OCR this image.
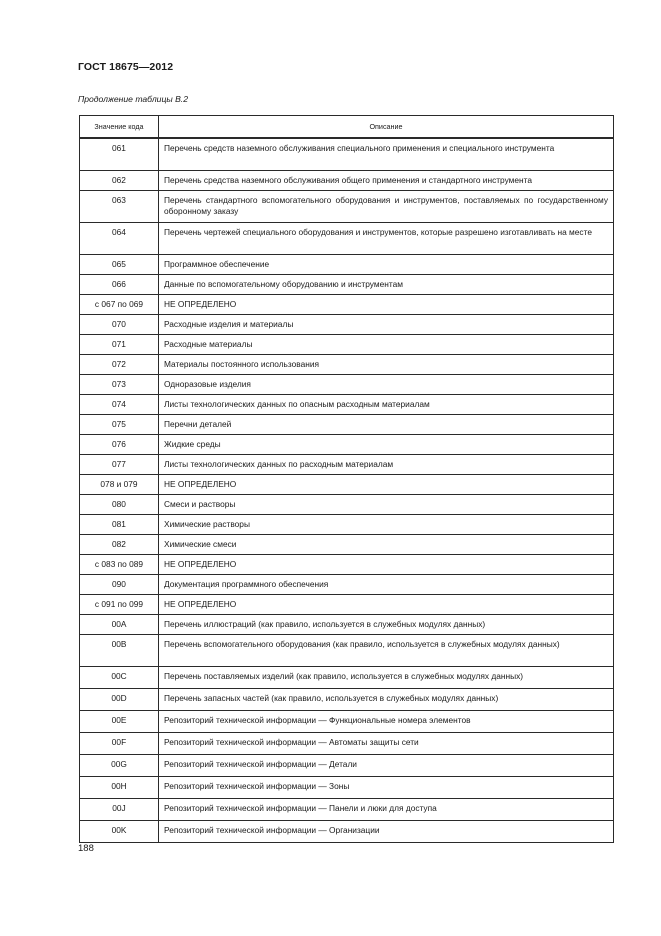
ГОСТ 18675—2012
Продолжение таблицы В.2
Значение кода	Описание
061	Перечень средств наземного обслуживания специального применения и специального инструмента
062	Перечень средства наземного обслуживания общего применения и стандартного инструмента
063	Перечень стандартного вспомогательного оборудования и инструментов, поставляемых по государственному оборонному заказу
064	Перечень чертежей специального оборудования и инструментов, которые разрешено изготавливать на месте
065	Программное обеспечение
066	Данные по вспомогательному оборудованию и инструментам
с 067 по 069	НЕ ОПРЕДЕЛЕНО
070	Расходные изделия и материалы
071	Расходные материалы
072	Материалы постоянного использования
073	Одноразовые изделия
074	Листы технологических данных по опасным расходным материалам
075	Перечни деталей
076	Жидкие среды
077	Листы технологических данных по расходным материалам
078 и 079	НЕ ОПРЕДЕЛЕНО
080	Смеси и растворы
081	Химические растворы
082	Химические смеси
с 083 по 089	НЕ ОПРЕДЕЛЕНО
090	Документация программного обеспечения
с 091 по 099	НЕ ОПРЕДЕЛЕНО
00A	Перечень иллюстраций (как правило, используется в служебных модулях данных)
00B	Перечень вспомогательного оборудования (как правило, используется в служебных модулях данных)
00C	Перечень поставляемых изделий (как правило, используется в служебных модулях данных)
00D	Перечень запасных частей (как правило, используется в служебных модулях данных)
00E	Репозиторий технической информации — Функциональные номера элементов
00F	Репозиторий технической информации — Автоматы защиты сети
00G	Репозиторий технической информации — Детали
00H	Репозиторий технической информации — Зоны
00J	Репозиторий технической информации — Панели и люки для доступа
00K	Репозиторий технической информации — Организации
188
